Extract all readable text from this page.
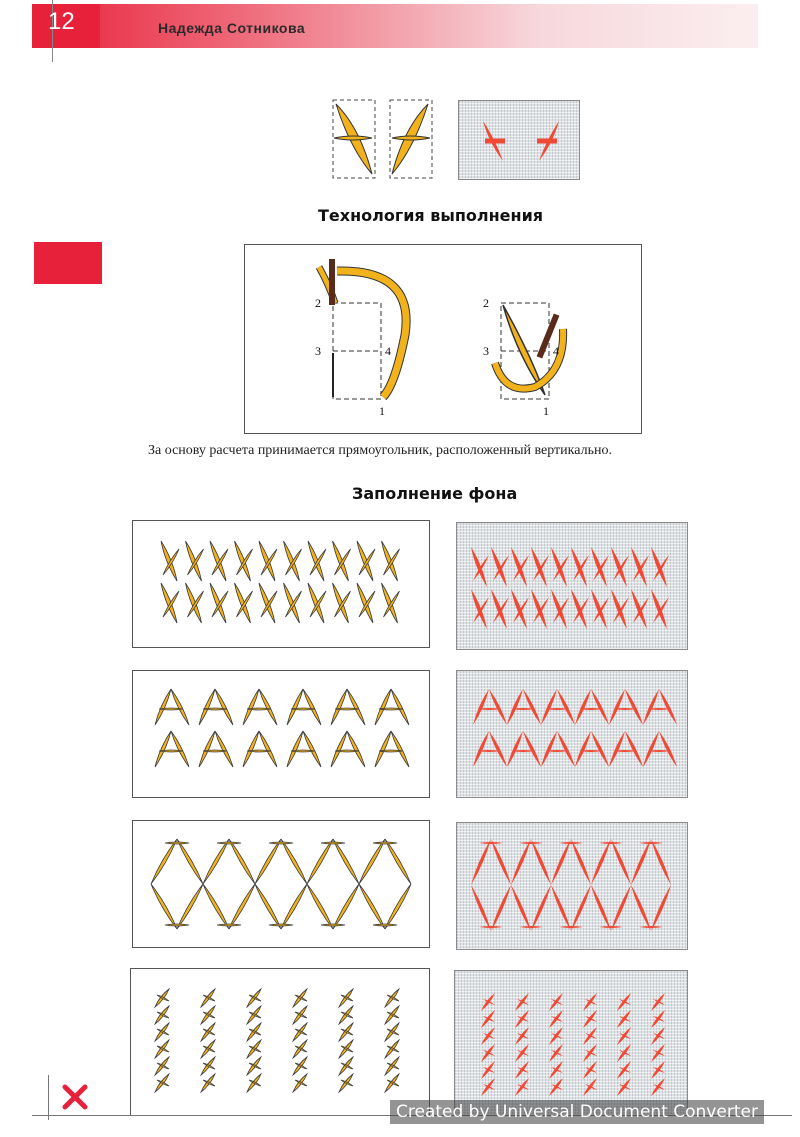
12	Надежда Сотникова
Технология выполнения
2
3	4
1
2
3	4
1
За основу расчета принимается прямоугольник, расположенный вертикально.
Заполнение фона
Created by Universal Document Converter
